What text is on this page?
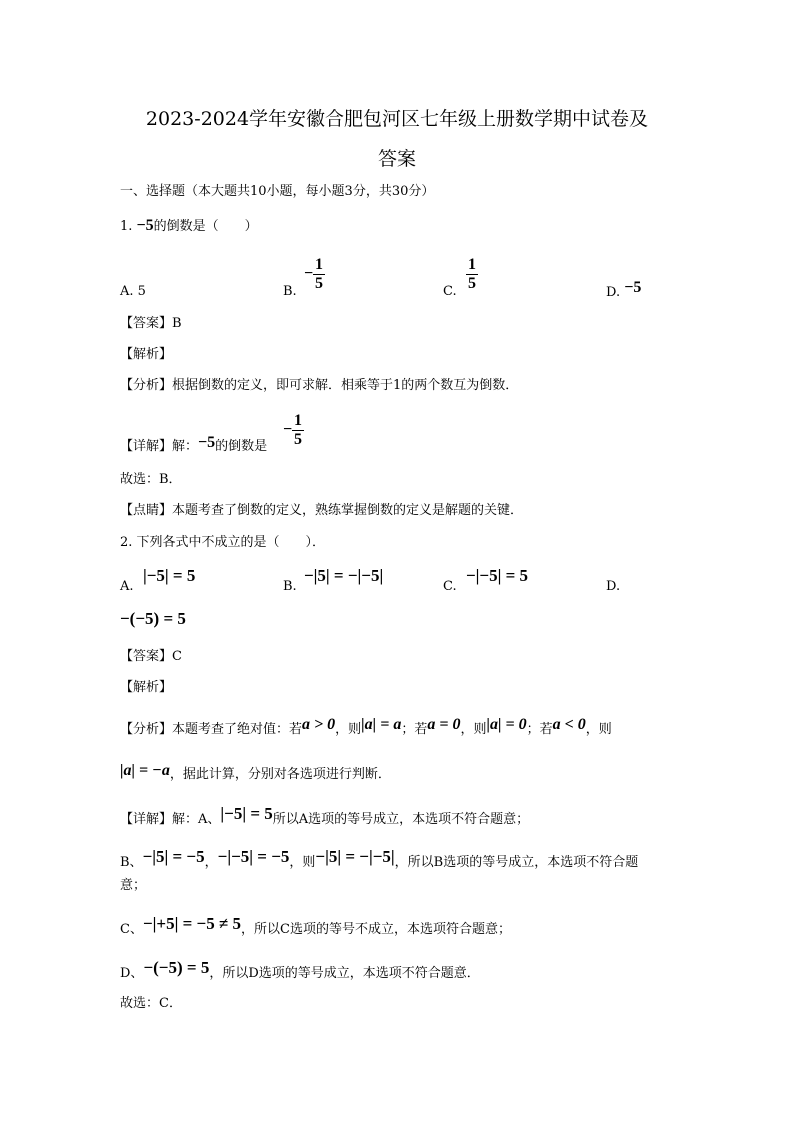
2023-2024学年安徽合肥包河区七年级上册数学期中试卷及
答案
一、选择题（本大题共10小题，每小题3分，共30分）
1. −5的倒数是（　　）
A. 5	B.
−
1
5	C.
1
5
D. −5
【答案】B
【解析】
【分析】根据倒数的定义，即可求解．相乘等于1的两个数互为倒数．
【详解】解：−5的倒数是
−
1
5
故选：B．
【点睛】本题考查了倒数的定义，熟练掌握倒数的定义是解题的关键．
2. 下列各式中不成立的是（　　）．
A.
|−5| = 5
B.
−|5| = −|−5|
C.
−|−5| = 5
D.
−(−5) = 5
【答案】C
【解析】
【分析】本题考查了绝对值：若a > 0，则|a| = a；若a = 0，则|a| = 0；若a < 0，则
|a| = −a，据此计算，分别对各选项进行判断．
【详解】解：A、|−5| = 5所以A选项的等号成立，本选项不符合题意；
B、−|5| = −5，−|−5| = −5，则−|5| = −|−5|，所以B选项的等号成立，本选项不符合题
意；
C、−|+5| = −5 ≠ 5，所以C选项的等号不成立，本选项符合题意；
D、−(−5) = 5，所以D选项的等号成立，本选项不符合题意．
故选：C．
